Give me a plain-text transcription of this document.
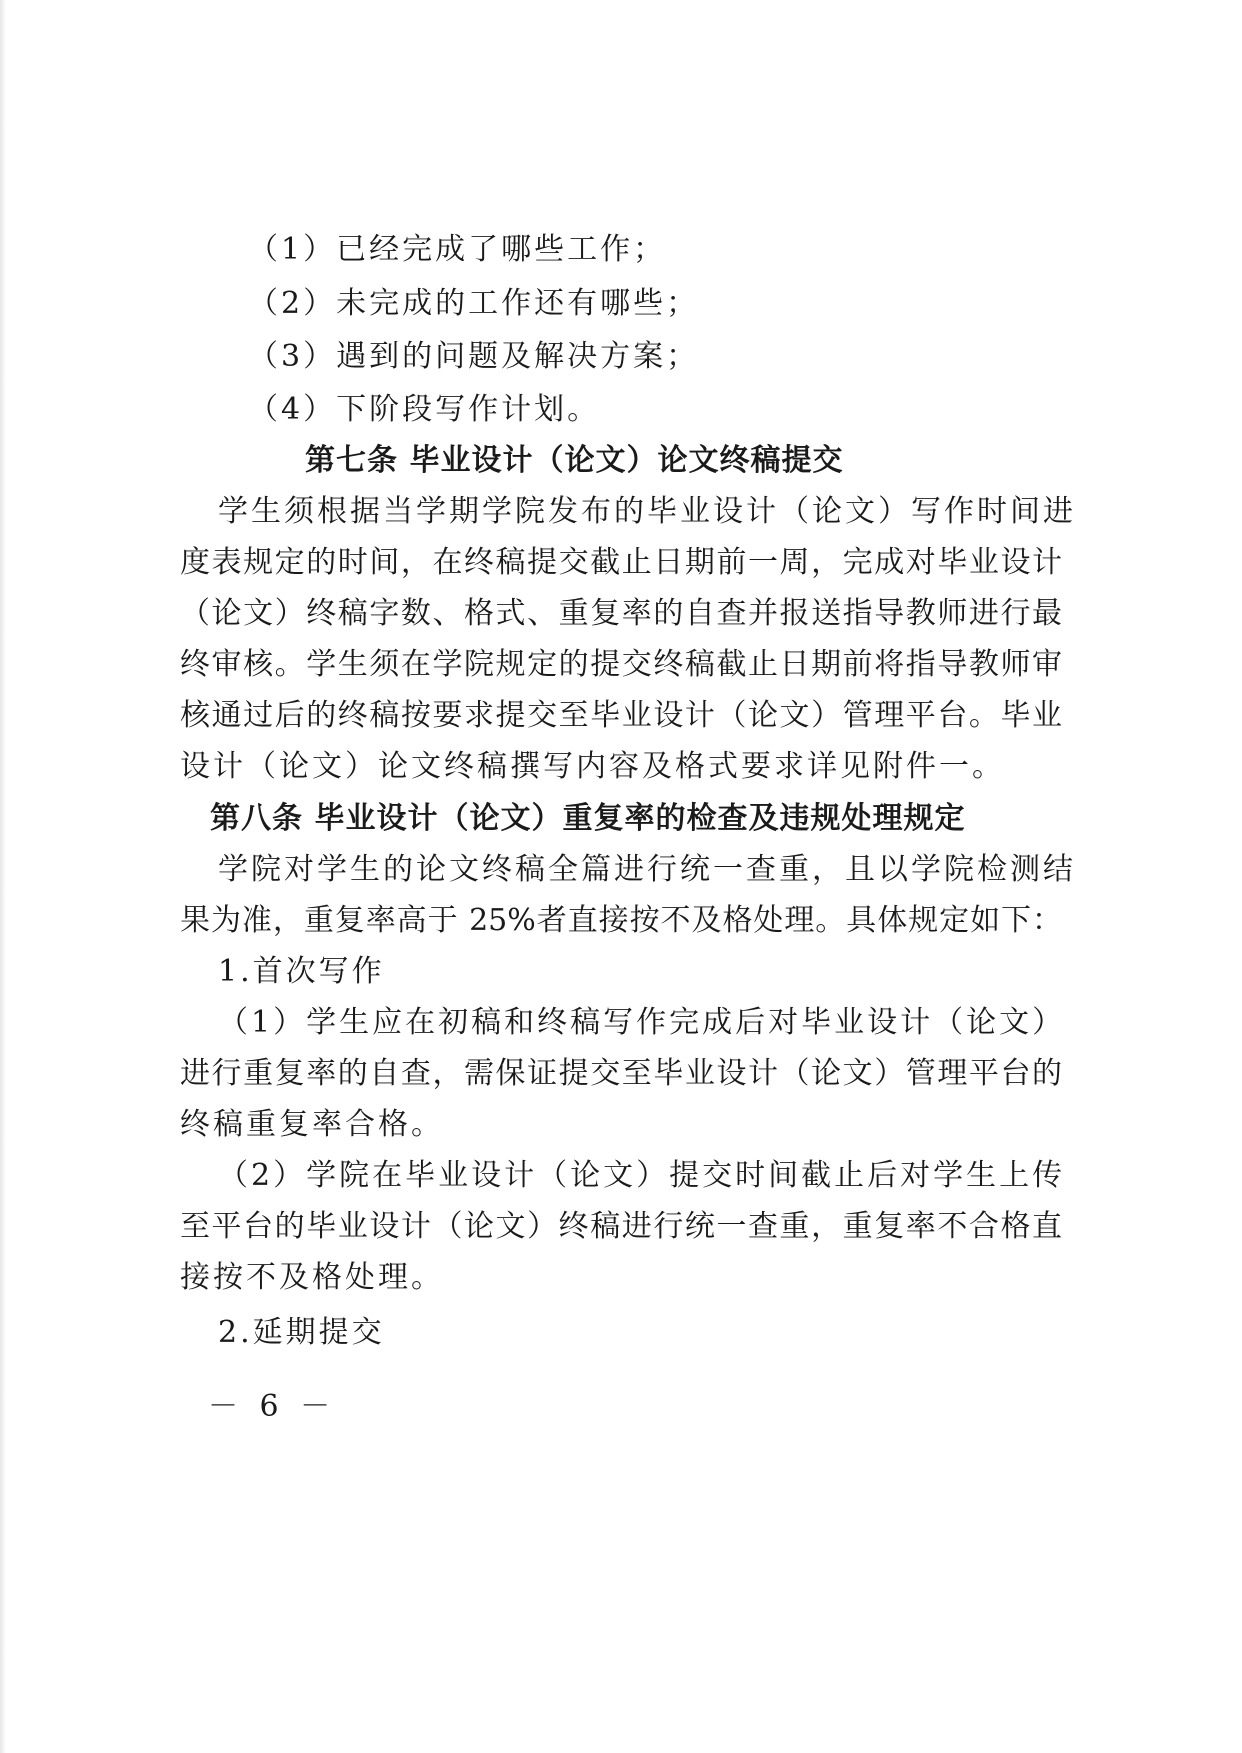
（1）已经完成了哪些工作；
（2）未完成的工作还有哪些；
（3）遇到的问题及解决方案；
（4）下阶段写作计划。
第七条 毕业设计（论文）论文终稿提交
学生须根据当学期学院发布的毕业设计（论文）写作时间进
度表规定的时间，在终稿提交截止日期前一周，完成对毕业设计
（论文）终稿字数、格式、重复率的自查并报送指导教师进行最
终审核。学生须在学院规定的提交终稿截止日期前将指导教师审
核通过后的终稿按要求提交至毕业设计（论文）管理平台。毕业
设计（论文）论文终稿撰写内容及格式要求详见附件一。
第八条 毕业设计（论文）重复率的检查及违规处理规定
学院对学生的论文终稿全篇进行统一查重，且以学院检测结
果为准，重复率高于 25%者直接按不及格处理。具体规定如下：
1.首次写作
（1）学生应在初稿和终稿写作完成后对毕业设计（论文）
进行重复率的自查，需保证提交至毕业设计（论文）管理平台的
终稿重复率合格。
（2）学院在毕业设计（论文）提交时间截止后对学生上传
至平台的毕业设计（论文）终稿进行统一查重，重复率不合格直
接按不及格处理。
2.延期提交
－ 6 －
